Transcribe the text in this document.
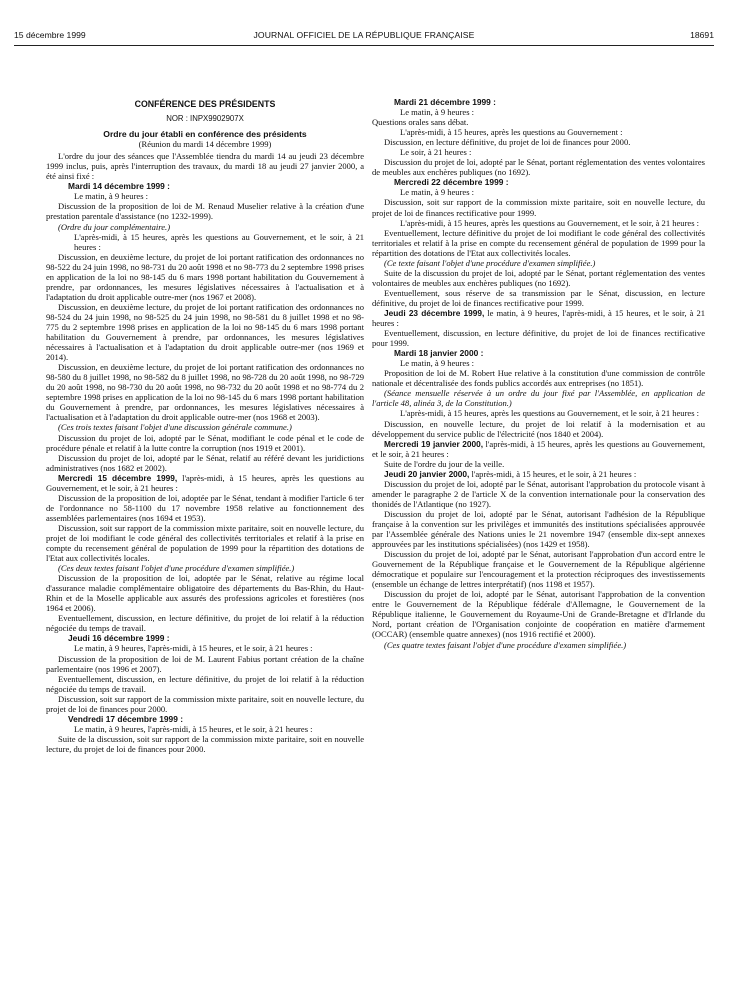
15 décembre 1999	JOURNAL OFFICIEL DE LA RÉPUBLIQUE FRANÇAISE	18691
CONFÉRENCE DES PRÉSIDENTS
NOR : INPX9902907X
Ordre du jour établi en conférence des présidents
(Réunion du mardi 14 décembre 1999)

L'ordre du jour des séances que l'Assemblée tiendra du mardi 14 au jeudi 23 décembre 1999 inclus, puis, après l'interruption des travaux, du mardi 18 au jeudi 27 janvier 2000, a été ainsi fixé :

Mardi 14 décembre 1999 :

Le matin, à 9 heures :

Discussion de la proposition de loi de M. Renaud Muselier relative à la création d'une prestation parentale d'assistance (no 1232-1999).

(Ordre du jour complémentaire.)

L'après-midi, à 15 heures, après les questions au Gouvernement, et le soir, à 21 heures :

Discussion, en deuxième lecture, du projet de loi portant ratification des ordonnances no 98-522 du 24 juin 1998, no 98-731 du 20 août 1998 et no 98-773 du 2 septembre 1998 prises en application de la loi no 98-145 du 6 mars 1998 portant habilitation du Gouvernement à prendre, par ordonnances, les mesures législatives nécessaires à l'actualisation et à l'adaptation du droit applicable outre-mer (nos 1967 et 2008).

Discussion, en deuxième lecture, du projet de loi portant ratification des ordonnances no 98-524 du 24 juin 1998, no 98-525 du 24 juin 1998, no 98-581 du 8 juillet 1998 et no 98-775 du 2 septembre 1998 prises en application de la loi no 98-145 du 6 mars 1998 portant habilitation du Gouvernement à prendre, par ordonnances, les mesures législatives nécessaires à l'actualisation et à l'adaptation du droit applicable outre-mer (nos 1969 et 2014).

Discussion, en deuxième lecture, du projet de loi portant ratification des ordonnances no 98-580 du 8 juillet 1998, no 98-582 du 8 juillet 1998, no 98-728 du 20 août 1998, no 98-729 du 20 août 1998, no 98-730 du 20 août 1998, no 98-732 du 20 août 1998 et no 98-774 du 2 septembre 1998 prises en application de la loi no 98-145 du 6 mars 1998 portant habilitation du Gouvernement à prendre, par ordonnances, les mesures législatives nécessaires à l'actualisation et à l'adaptation du droit applicable outre-mer (nos 1968 et 2003).

(Ces trois textes faisant l'objet d'une discussion générale commune.)

Discussion du projet de loi, adopté par le Sénat, modifiant le code pénal et le code de procédure pénale et relatif à la lutte contre la corruption (nos 1919 et 2001).

Discussion du projet de loi, adopté par le Sénat, relatif au référé devant les juridictions administratives (nos 1682 et 2002).

Mercredi 15 décembre 1999, l'après-midi, à 15 heures, après les questions au Gouvernement, et le soir, à 21 heures :

Discussion de la proposition de loi, adoptée par le Sénat, tendant à modifier l'article 6 ter de l'ordonnance no 58-1100 du 17 novembre 1958 relative au fonctionnement des assemblées parlementaires (nos 1694 et 1953).

Discussion, soit sur rapport de la commission mixte paritaire, soit en nouvelle lecture, du projet de loi modifiant le code général des collectivités territoriales et relatif à la prise en compte du recensement général de population de 1999 pour la répartition des dotations de l'Etat aux collectivités locales.

(Ces deux textes faisant l'objet d'une procédure d'examen simplifiée.)

Discussion de la proposition de loi, adoptée par le Sénat, relative au régime local d'assurance maladie complémentaire obligatoire des départements du Bas-Rhin, du Haut-Rhin et de la Moselle applicable aux assurés des professions agricoles et forestières (nos 1964 et 2006).

Eventuellement, discussion, en lecture définitive, du projet de loi relatif à la réduction négociée du temps de travail.

Jeudi 16 décembre 1999 :

Le matin, à 9 heures, l'après-midi, à 15 heures, et le soir, à 21 heures :

Discussion de la proposition de loi de M. Laurent Fabius portant création de la chaîne parlementaire (nos 1996 et 2007).

Eventuellement, discussion, en lecture définitive, du projet de loi relatif à la réduction négociée du temps de travail.

Discussion, soit sur rapport de la commission mixte paritaire, soit en nouvelle lecture, du projet de loi de finances pour 2000.

Vendredi 17 décembre 1999 :

Le matin, à 9 heures, l'après-midi, à 15 heures, et le soir, à 21 heures :

Suite de la discussion, soit sur rapport de la commission mixte paritaire, soit en nouvelle lecture, du projet de loi de finances pour 2000.

Mardi 21 décembre 1999 :

Le matin, à 9 heures :

Questions orales sans débat.

L'après-midi, à 15 heures, après les questions au Gouvernement :

Discussion, en lecture définitive, du projet de loi de finances pour 2000.

Le soir, à 21 heures :

Discussion du projet de loi, adopté par le Sénat, portant réglementation des ventes volontaires de meubles aux enchères publiques (no 1692).

Mercredi 22 décembre 1999 :

Le matin, à 9 heures :

Discussion, soit sur rapport de la commission mixte paritaire, soit en nouvelle lecture, du projet de loi de finances rectificative pour 1999.

L'après-midi, à 15 heures, après les questions au Gouvernement, et le soir, à 21 heures :

Eventuellement, lecture définitive du projet de loi modifiant le code général des collectivités territoriales et relatif à la prise en compte du recensement général de population de 1999 pour la répartition des dotations de l'Etat aux collectivités locales.

(Ce texte faisant l'objet d'une procédure d'examen simplifiée.)

Suite de la discussion du projet de loi, adopté par le Sénat, portant réglementation des ventes volontaires de meubles aux enchères publiques (no 1692).

Eventuellement, sous réserve de sa transmission par le Sénat, discussion, en lecture définitive, du projet de loi de finances rectificative pour 1999.

Jeudi 23 décembre 1999, le matin, à 9 heures, l'après-midi, à 15 heures, et le soir, à 21 heures :

Eventuellement, discussion, en lecture définitive, du projet de loi de finances rectificative pour 1999.

Mardi 18 janvier 2000 :

Le matin, à 9 heures :

Proposition de loi de M. Robert Hue relative à la constitution d'une commission de contrôle nationale et décentralisée des fonds publics accordés aux entreprises (no 1851).

(Séance mensuelle réservée à un ordre du jour fixé par l'Assemblée, en application de l'article 48, alinéa 3, de la Constitution.)

L'après-midi, à 15 heures, après les questions au Gouvernement, et le soir, à 21 heures :

Discussion, en nouvelle lecture, du projet de loi relatif à la modernisation et au développement du service public de l'électricité (nos 1840 et 2004).

Mercredi 19 janvier 2000, l'après-midi, à 15 heures, après les questions au Gouvernement, et le soir, à 21 heures :

Suite de l'ordre du jour de la veille.

Jeudi 20 janvier 2000, l'après-midi, à 15 heures, et le soir, à 21 heures :

Discussion du projet de loi, adopté par le Sénat, autorisant l'approbation du protocole visant à amender le paragraphe 2 de l'article X de la convention internationale pour la conservation des thonidés de l'Atlantique (no 1927).

Discussion du projet de loi, adopté par le Sénat, autorisant l'adhésion de la République française à la convention sur les privilèges et immunités des institutions spécialisées approuvée par l'Assemblée générale des Nations unies le 21 novembre 1947 (ensemble dix-sept annexes approuvées par les institutions spécialisées) (nos 1429 et 1958).

Discussion du projet de loi, adopté par le Sénat, autorisant l'approbation d'un accord entre le Gouvernement de la République française et le Gouvernement de la République algérienne démocratique et populaire sur l'encouragement et la protection réciproques des investissements (ensemble un échange de lettres interprétatif) (nos 1198 et 1957).

Discussion du projet de loi, adopté par le Sénat, autorisant l'approbation de la convention entre le Gouvernement de la République fédérale d'Allemagne, le Gouvernement de la République italienne, le Gouvernement du Royaume-Uni de Grande-Bretagne et d'Irlande du Nord, portant création de l'Organisation conjointe de coopération en matière d'armement (OCCAR) (ensemble quatre annexes) (nos 1916 rectifié et 2000).

(Ces quatre textes faisant l'objet d'une procédure d'examen simplifiée.)
